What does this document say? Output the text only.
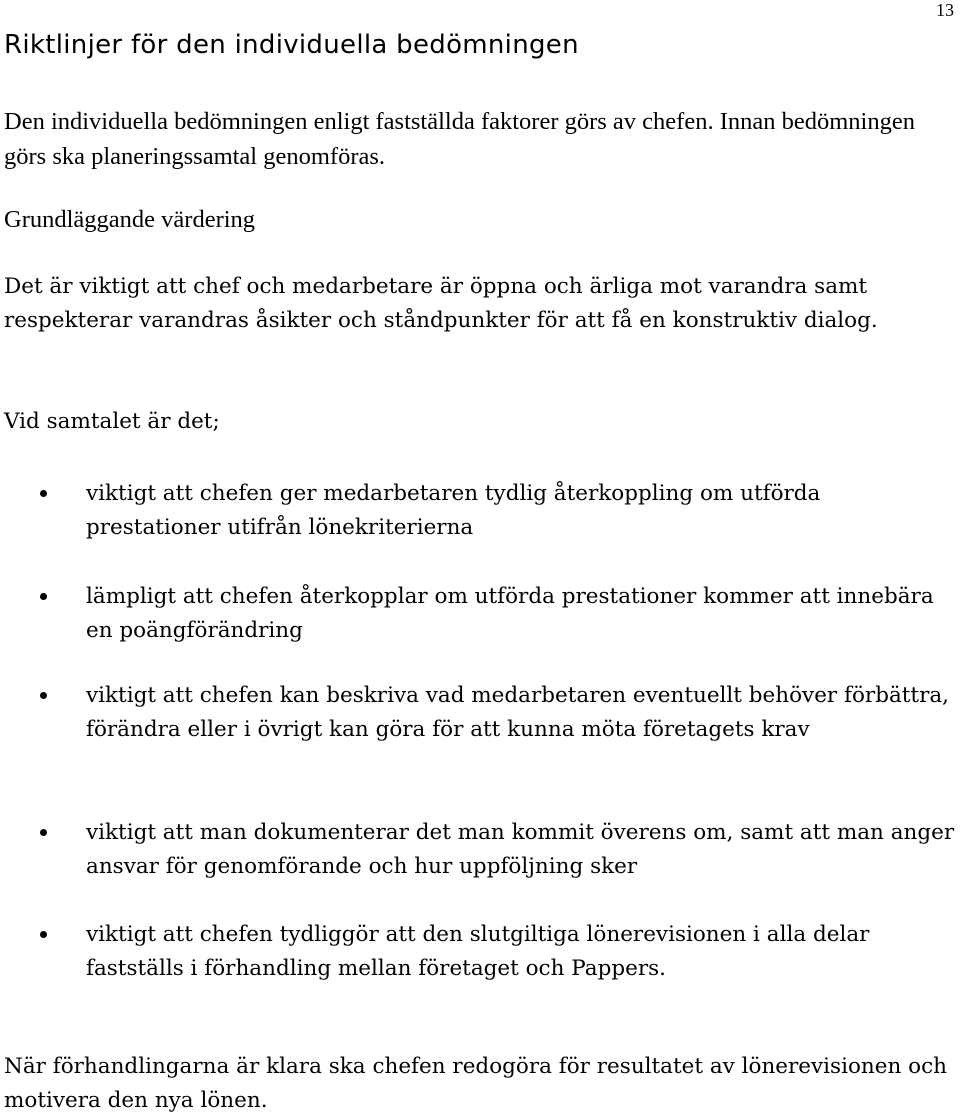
13
Riktlinjer för den individuella bedömningen

Den individuella bedömningen enligt fastställda faktorer görs av chefen. Innan bedömningen görs ska planeringssamtal genomföras.

Grundläggande värdering

Det är viktigt att chef och medarbetare är öppna och ärliga mot varandra samt respekterar varandras åsikter och ståndpunkter för att få en konstruktiv dialog.

Vid samtalet är det;

viktigt att chefen ger medarbetaren tydlig återkoppling om utförda prestationer utifrån lönekriterierna

lämpligt att chefen återkopplar om utförda prestationer kommer att innebära en poängförändring

viktigt att chefen kan beskriva vad medarbetaren eventuellt behöver förbättra, förändra eller i övrigt kan göra för att kunna möta företagets krav

viktigt att man dokumenterar det man kommit överens om, samt att man anger ansvar för genomförande och hur uppföljning sker

viktigt att chefen tydliggör att den slutgiltiga lönerevisionen i alla delar fastställs i förhandling mellan företaget och Pappers.

När förhandlingarna är klara ska chefen redogöra för resultatet av lönerevisionen och motivera den nya lönen.
